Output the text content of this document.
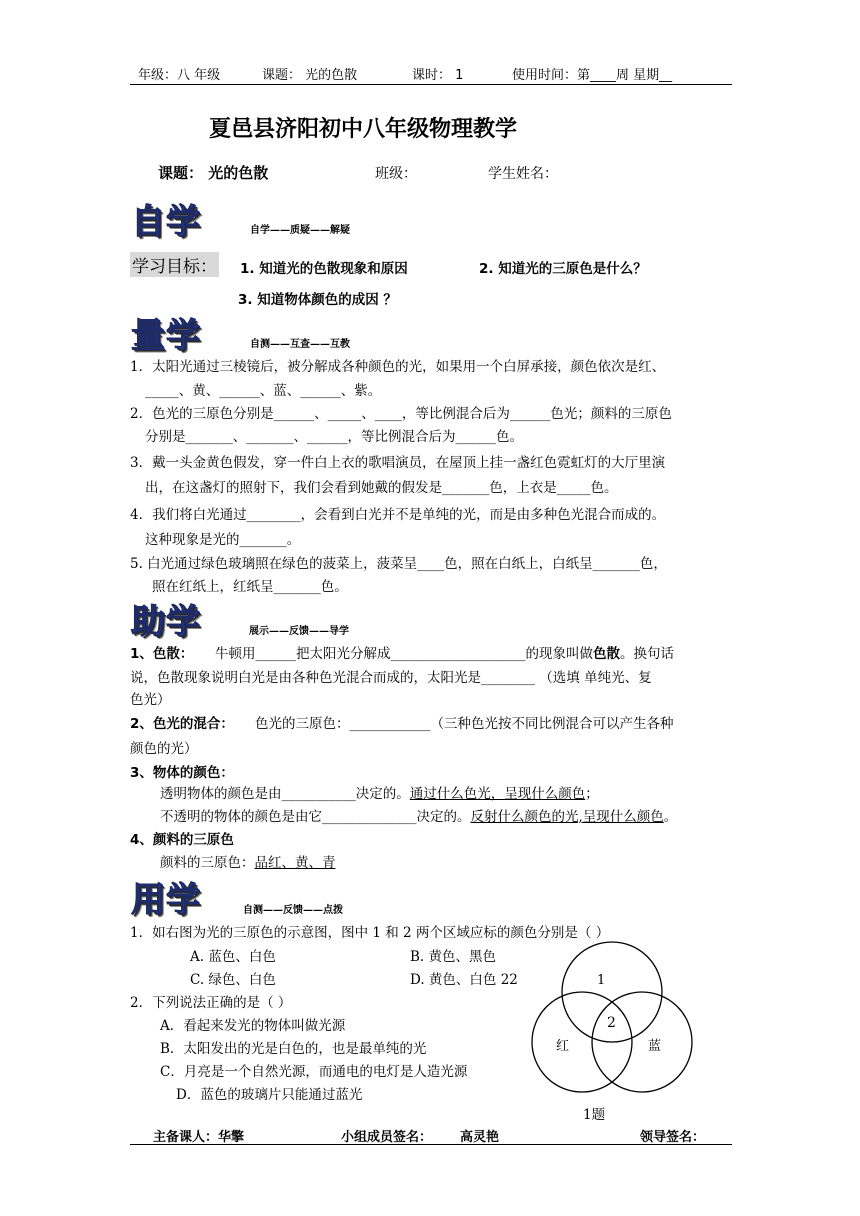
年级：八 年级	课题： 光的色散	课时： 1	使用时间：第____周 星期__
夏邑县济阳初中八年级物理教学
课题： 光的色散	班级：	学生姓名：
自学	自学——质疑——解疑
学习目标： 1. 知道光的色散现象和原因	2. 知道光的三原色是什么？
3. 知道物体颜色的成因 ？
量学	自测——互查——互教
1．太阳光通过三棱镜后，被分解成各种颜色的光，如果用一个白屏承接，颜色依次是红、
_____、黄、______、蓝、______、紫。
2．色光的三原色分别是______、_____、____，等比例混合后为______色光；颜料的三原色
分别是_______、_______、______，等比例混合后为______色。
3．戴一头金黄色假发，穿一件白上衣的歌唱演员，在屋顶上挂一盏红色霓虹灯的大厅里演
出，在这盏灯的照射下，我们会看到她戴的假发是_______色，上衣是_____色。
4．我们将白光通过________，会看到白光并不是单纯的光，而是由多种色光混合而成的。
这种现象是光的_______。
5. 白光通过绿色玻璃照在绿色的菠菜上，菠菜呈____色，照在白纸上，白纸呈_______色，
照在红纸上，红纸呈_______色。
助学	展示——反馈——导学
1、色散： 牛顿用______把太阳光分解成____________________的现象叫做色散。换句话
说，色散现象说明白光是由各种色光混合而成的，太阳光是________ （选填 单纯光、复
色光）
2、色光的混合： 色光的三原色：____________（三种色光按不同比例混合可以产生各种
颜色的光）
3、物体的颜色：
透明物体的颜色是由___________决定的。通过什么色光，呈现什么颜色；
不透明的物体的颜色是由它______________决定的。反射什么颜色的光,呈现什么颜色。
4、颜料的三原色
颜料的三原色：品红、黄、青
用学	自测——反馈——点拨
1．如右图为光的三原色的示意图，图中 1 和 2 两个区域应标的颜色分别是（ ）
A. 蓝色、白色	B. 黄色、黑色
C. 绿色、白色	D. 黄色、白色 22
2．下列说法正确的是（ ）
A．看起来发光的物体叫做光源
B．太阳发出的光是白色的，也是最单纯的光
C．月亮是一个自然光源，而通电的电灯是人造光源
D．蓝色的玻璃片只能通过蓝光
1
2
红	蓝
1题
主备课人：华擎	小组成员签名： 高灵艳	领导签名：
